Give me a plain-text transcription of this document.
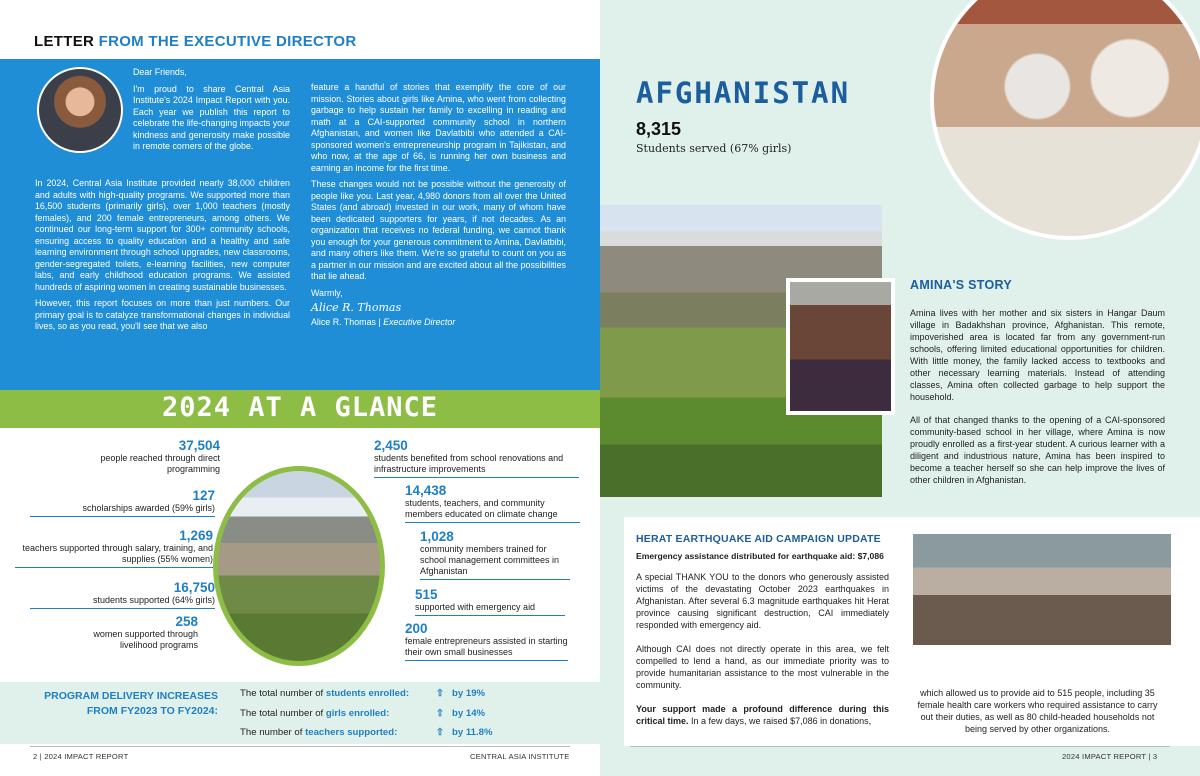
LETTER FROM THE EXECUTIVE DIRECTOR

Dear Friends,

I'm proud to share Central Asia Institute's 2024 Impact Report with you. Each year we publish this report to celebrate the life-changing impacts your kindness and generosity make possible in remote corners of the globe.

In 2024, Central Asia Institute provided nearly 38,000 children and adults with high-quality programs. We supported more than 16,500 students (primarily girls), over 1,000 teachers (mostly females), and 200 female entrepreneurs, among others. We continued our long-term support for 300+ community schools, ensuring access to quality education and a healthy and safe learning environment through school upgrades, new classrooms, gender-segregated toilets, e-learning facilities, new computer labs, and early childhood education programs. We assisted hundreds of aspiring women in creating sustainable businesses.

However, this report focuses on more than just numbers. Our primary goal is to catalyze transformational changes in individual lives, so as you read, you'll see that we also

feature a handful of stories that exemplify the core of our mission. Stories about girls like Amina, who went from collecting garbage to help sustain her family to excelling in reading and math at a CAI-supported community school in northern Afghanistan, and women like Davlatbibi who attended a CAI-sponsored women's entrepreneurship program in Tajikistan, and who now, at the age of 66, is running her own business and earning an income for the first time.

These changes would not be possible without the generosity of people like you. Last year, 4,980 donors from all over the United States (and abroad) invested in our work, many of whom have been dedicated supporters for years, if not decades. As an organization that receives no federal funding, we cannot thank you enough for your generous commitment to Amina, Davlatbibi, and many others like them. We're so grateful to count on you as a partner in our mission and are excited about all the possibilities that lie ahead.

Warmly,

Alice R. Thomas
Alice R. Thomas | Executive Director
2024 AT A GLANCE
37,504
people reached through direct programming
127
scholarships awarded (59% girls)
1,269
teachers supported through salary, training, and supplies (55% women)
16,750
students supported (64% girls)
258
women supported through livelihood programs
2,450
students benefited from school renovations and infrastructure improvements
14,438
students, teachers, and community members educated on climate change
1,028
community members trained for school management committees in Afghanistan
515
supported with emergency aid
200
female entrepreneurs assisted in starting their own small businesses
PROGRAM DELIVERY INCREASES FROM FY2023 TO FY2024:
The total number of students enrolled:	⇧ by 19%
The total number of girls enrolled:	⇧ by 14%
The number of teachers supported:	⇧ by 11.8%
2 | 2024 IMPACT REPORT	CENTRAL ASIA INSTITUTE	2024 IMPACT REPORT | 3
AFGHANISTAN
8,315
Students served (67% girls)
AMINA'S STORY

Amina lives with her mother and six sisters in Hangar Daum village in Badakhshan province, Afghanistan. This remote, impoverished area is located far from any government-run schools, offering limited educational opportunities for children. With little money, the family lacked access to textbooks and other necessary learning materials. Instead of attending classes, Amina often collected garbage to help support the household.

All of that changed thanks to the opening of a CAI-sponsored community-based school in her village, where Amina is now proudly enrolled as a first-year student. A curious learner with a diligent and industrious nature, Amina has been inspired to become a teacher herself so she can help improve the lives of other children in Afghanistan.

HERAT EARTHQUAKE AID CAMPAIGN UPDATE
Emergency assistance distributed for earthquake aid: $7,086

A special THANK YOU to the donors who generously assisted victims of the devastating October 2023 earthquakes in Afghanistan. After several 6.3 magnitude earthquakes hit Herat province causing significant destruction, CAI immediately responded with emergency aid.

Although CAI does not directly operate in this area, we felt compelled to lend a hand, as our immediate priority was to provide humanitarian assistance to the most vulnerable in the community.

Your support made a profound difference during this critical time. In a few days, we raised $7,086 in donations,

which allowed us to provide aid to 515 people, including 35 female health care workers who required assistance to carry out their duties, as well as 80 child-headed households not being served by other organizations.
